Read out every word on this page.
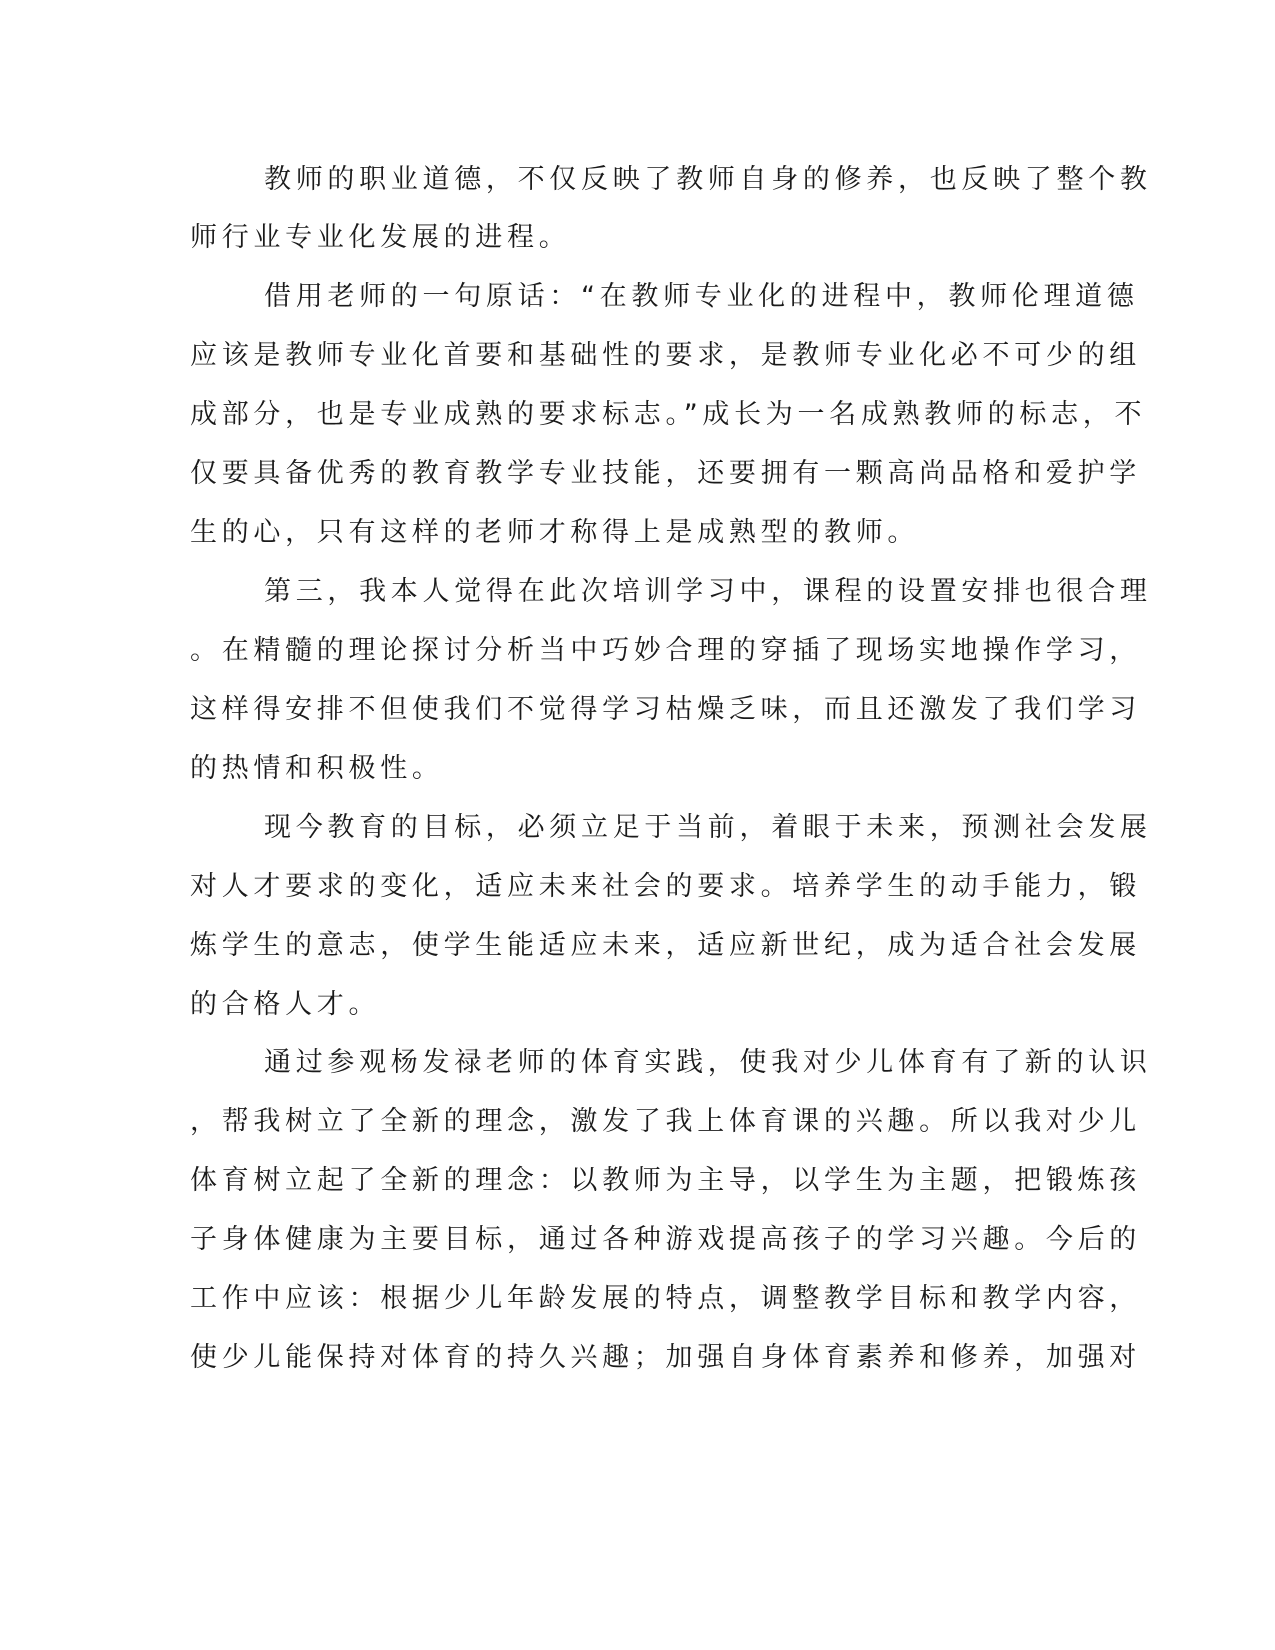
教师的职业道德，不仅反映了教师自身的修养，也反映了整个教
师行业专业化发展的进程。
借用老师的一句原话：“在教师专业化的进程中，教师伦理道德
应该是教师专业化首要和基础性的要求，是教师专业化必不可少的组
成部分，也是专业成熟的要求标志。”成长为一名成熟教师的标志，不
仅要具备优秀的教育教学专业技能，还要拥有一颗高尚品格和爱护学
生的心，只有这样的老师才称得上是成熟型的教师。
第三，我本人觉得在此次培训学习中，课程的设置安排也很合理
。在精髓的理论探讨分析当中巧妙合理的穿插了现场实地操作学习，
这样得安排不但使我们不觉得学习枯燥乏味，而且还激发了我们学习
的热情和积极性。
现今教育的目标，必须立足于当前，着眼于未来，预测社会发展
对人才要求的变化，适应未来社会的要求。培养学生的动手能力，锻
炼学生的意志，使学生能适应未来，适应新世纪，成为适合社会发展
的合格人才。
通过参观杨发禄老师的体育实践，使我对少儿体育有了新的认识
，帮我树立了全新的理念，激发了我上体育课的兴趣。所以我对少儿
体育树立起了全新的理念：以教师为主导，以学生为主题，把锻炼孩
子身体健康为主要目标，通过各种游戏提高孩子的学习兴趣。今后的
工作中应该：根据少儿年龄发展的特点，调整教学目标和教学内容，
使少儿能保持对体育的持久兴趣；加强自身体育素养和修养，加强对
